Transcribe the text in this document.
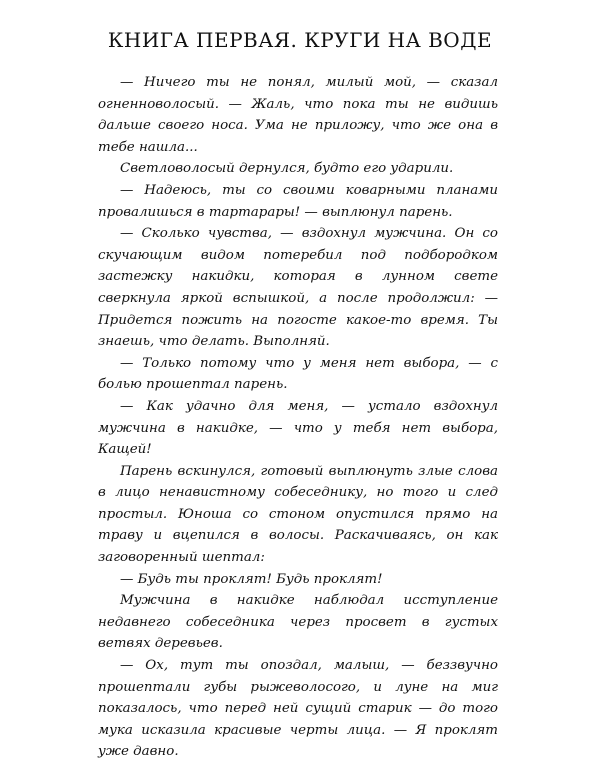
КНИГА ПЕРВАЯ. КРУГИ НА ВОДЕ

— Ничего ты не понял, милый мой, — сказал огненноволосый. — Жаль, что пока ты не видишь дальше своего носа. Ума не приложу, что же она в тебе нашла...

Светловолосый дернулся, будто его ударили.

— Надеюсь, ты со своими коварными планами провалишься в тартарары! — выплюнул парень.

— Сколько чувства, — вздохнул мужчина. Он со скучающим видом потеребил под подбородком застежку накидки, которая в лунном свете сверкнула яркой вспышкой, а после продолжил: — Придется пожить на погосте какое-то время. Ты знаешь, что делать. Выполняй.

— Только потому что у меня нет выбора, — с болью прошептал парень.

— Как удачно для меня, — устало вздохнул мужчина в накидке, — что у тебя нет выбора, Кащей!

Парень вскинулся, готовый выплюнуть злые слова в лицо ненавистному собеседнику, но того и след простыл. Юноша со стоном опустился прямо на траву и вцепился в волосы. Раскачиваясь, он как заговоренный шептал:

— Будь ты проклят! Будь проклят!

Мужчина в накидке наблюдал исступление недавнего собеседника через просвет в густых ветвях деревьев.

— Ох, тут ты опоздал, малыш, — беззвучно прошептали губы рыжеволосого, и луне на миг показалось, что перед ней сущий старик — до того мука исказила красивые черты лица. — Я проклят уже давно.
